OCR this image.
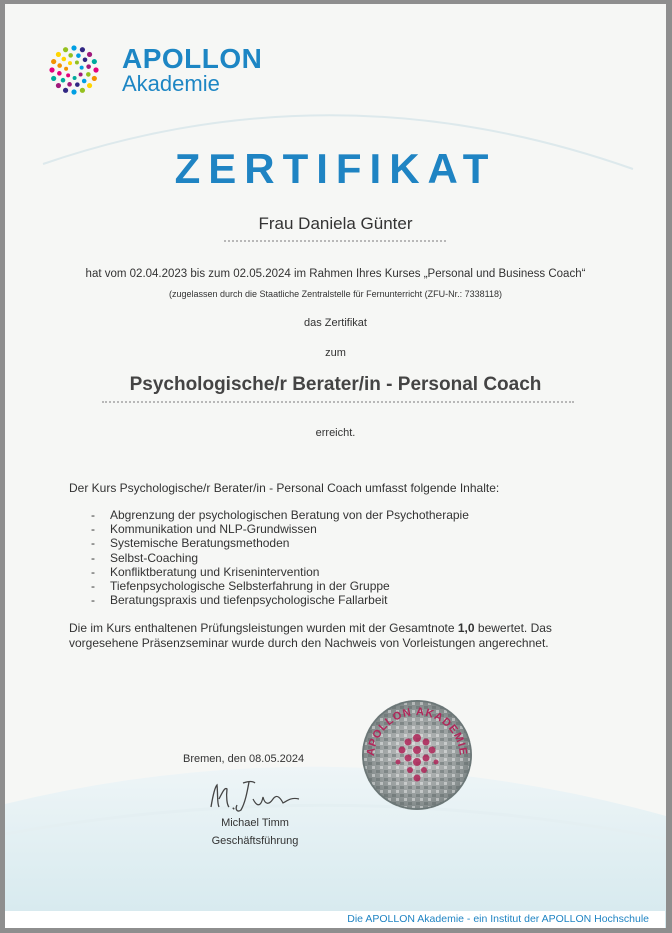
APOLLON
Akademie
ZERTIFIKAT
Frau Daniela Günter
hat vom 02.04.2023 bis zum 02.05.2024 im Rahmen Ihres Kurses „Personal und Business Coach“
(zugelassen durch die Staatliche Zentralstelle für Fernunterricht (ZFU-Nr.: 7338118)
das Zertifikat
zum
Psychologische/r Berater/in - Personal Coach
erreicht.
Der Kurs Psychologische/r Berater/in - Personal Coach umfasst folgende Inhalte:
- Abgrenzung der psychologischen Beratung von der Psychotherapie
- Kommunikation und NLP-Grundwissen
- Systemische Beratungsmethoden
- Selbst-Coaching
- Konfliktberatung und Krisenintervention
- Tiefenpsychologische Selbsterfahrung in der Gruppe
- Beratungspraxis und tiefenpsychologische Fallarbeit
Die im Kurs enthaltenen Prüfungsleistungen wurden mit der Gesamtnote 1,0 bewertet. Das vorgesehene Präsenzseminar wurde durch den Nachweis von Vorleistungen angerechnet.
Bremen, den 08.05.2024
Michael Timm
Geschäftsführung
APOLLON AKADEMIE
Die APOLLON Akademie - ein Institut der APOLLON Hochschule
